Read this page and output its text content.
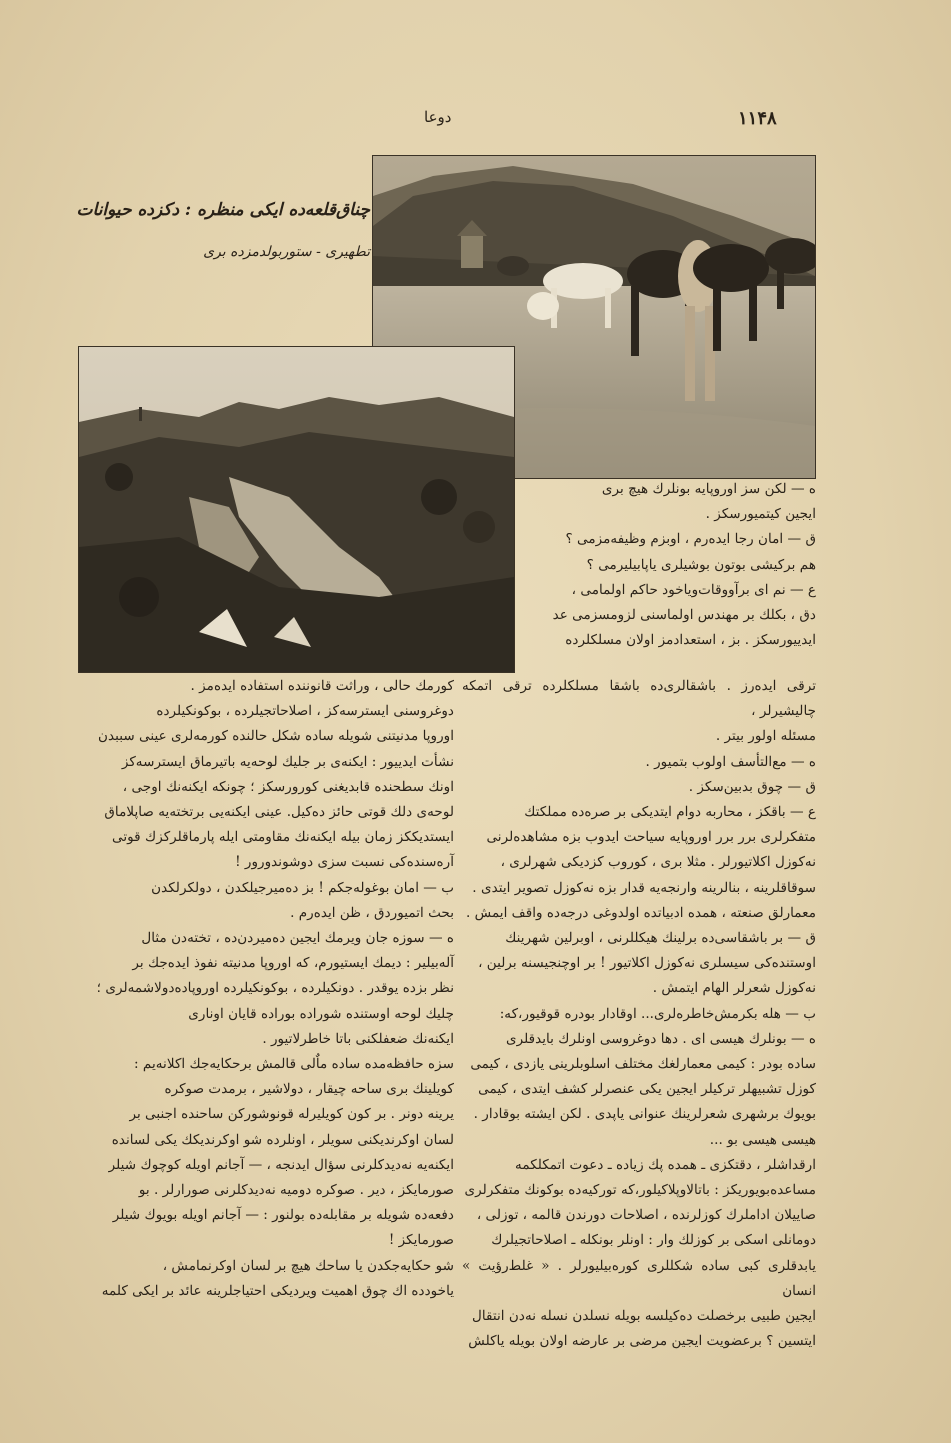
دوعا	۱۱۴۸
چناق‌قلعه‌ده ایکی منظره : دکزده حیوانات
تطهیری - ستوربولدمزده بری

ه — لکن سز اوروپایه بونلرك هیچ بری

ایجین کیتمیورسکز .

ق — امان رجا ایدەرم ، اوبزم وظیفەمزمی ؟

هم برکیشی بوتون بوشیلری یاپابیلیرمی ؟

ع — نم ای برآووقات‌ویاخود حاکم اولمامی ،

دق ، بکلك بر مهندس اولماسنی لزومسزمی عد

ایدییورسکز . بز ، استعدادمز اولان مسلکلرده

ترقی ایده‌رز . باشقالری‌ده باشقا مسلکلرده ترقی اتمکه چالیشیرلر ،

مسئله اولور بیتر .

ه — مع‌التأسف اولوب بتمیور .

ق — چوق بدبین‌سکز .

ع — باقکز ، محاربه دوام ایتدیکی بر صره‌ده مملکتك

متفکرلری برر برر اوروپایه سیاحت ایدوب بزه مشاهده‌لرنی

نه‌کوزل اکلاتیورلر . مثلا بری ، کوروب کزدیکی شهرلری ،

سوقاقلرینه ، بنالرینه وارنجه‌یه قدار بزه نه‌کوزل تصویر ایتدی .

معمارلق صنعته ، همده ادبیاتده اولدوغی درجه‌ده واقف ایمش .

ق — بر باشقاسی‌ده برلینك هیکللرنی ، اوبرلین شهرینك

اوستنده‌کی سیسلری نه‌کوزل اکلاتیور ! بر اوچنجیسنه برلین ،

نه‌کوزل شعرلر الهام ایتمش .

ب — هله بکرمش‌خاطره‌لری... اوقادار بودره قوقیور،که:

ه — بونلرك هیسی ای . دها دوغروسی اونلرك بایدقلری

ساده بودر : کیمی معمارلغك مختلف اسلوبلرینی یازدی ، کیمی

کوزل تشبیهلر ترکیلر ایجین یکی عنصرلر کشف ایتدی ، کیمی

بویوك برشهری شعرلرینك عنوانی یاپدی . لکن ایشته بوقادار .

هیسی هیسی بو ...

ارقداشلر ، دقتکزی ـ همده پك زیاده ـ دعوت اتمکلکمه

مساعده‌بویوریکز : باتالاوپلاکیلور،که تورکیه‌ده بوکونك متفکرلری

صاییلان اداملرك کوزلرنده ، اصلاحات دورندن قالمه ، توزلی ،

دومانلی اسکی بر کوزلك وار : اونلر بونکله ـ اصلاحاتجیلرك

یابدقلری کبی ساده شکللری کوره‌بیلیورلر . « غلط‌رؤیت » انسان

ایجین طبیی برخصلت ده‌کیلسه بویله نسلدن نسله نه‌دن انتقال

ایتسین ؟ برعضویت ایجین مرضی بر عارضه اولان بویله یاکلش

کورمك حالی ، وراثت قانوننده استفاده ایده‌مز .

دوغروسنی ایسترسه‌کز ، اصلاحاتجیلرده ، بوکونکیلرده

اوروپا مدنیتنی شویله ساده شکل حالنده کورمه‌لری عینی سببدن

نشأت ایدییور : ایکنه‌ی بر جلیك لوحه‌یه باتیرماق ایسترسه‌کز

اونك سطحنده قابدیغنی کورورسکز ؛ چونکه ایکنه‌نك اوجی ،

لوحه‌ی دلك قوتی حائز ده‌کیل. عینی ایکنه‌یی برتخته‌یه صاپلاماق

ایستدیککز زمان بیله ایکنه‌نك مقاومتی ایله پارماقلرکزك قوتی

آره‌سنده‌کی نسبت سزی دوشوندورور !

ب — امان بوغولەجکم ! بز دەمیرجیلکدن ، دولکرلکدن

بحث اتمیوردق ، ظن ایدەرم .

ه — سوزه جان ویرمك ایجین ده‌میردن‌ده ، تخته‌دن مثال

آله‌بیلیر : دیمك ایستیورم، که اوروپا مدنیته نفوذ ایده‌جك بر

نظر بزده یوقدر . دونکیلرده ، بوکونکیلرده اوروپاده‌دولاشمه‌لری ؛

چلیك لوحه اوستنده شوراده بوراده قایان اوناری

ایکنه‌نك ضعفلکنی باتا خاطرلاتیور .

سزه حافظه‌مده ساده ماٌلی قالمش برحکایه‌جك اکلانه‌یم :

کویلینك بری ساحه چیقار ، دولاشیر ، برمدت صوکره

یرینه دونر . بر کون کویلیرله قونوشورکن ساحنده اجنبی بر

لسان اوکرندیکنی سویلر ، اونلرده شو اوکرندیکك یکی لسانده

ایکنه‌یه نه‌دیدکلرنی سؤال ایدنجه ، — آجانم اویله کوچوك شیلر

صورمایکز ، دیر . صوکره دومیه نه‌دیدکلرنی صورارلر . بو

دفعه‌ده شویله بر مقابلەده بولنور : — آجانم اویله بویوك شیلر

صورمایکز !

شو حکایەجکدن یا ساحك هیچ بر لسان اوکرنمامش ،

یاخودده اك چوق اهمیت ویردیکی احتیاجلرینه عائد بر ایکی کلمه
